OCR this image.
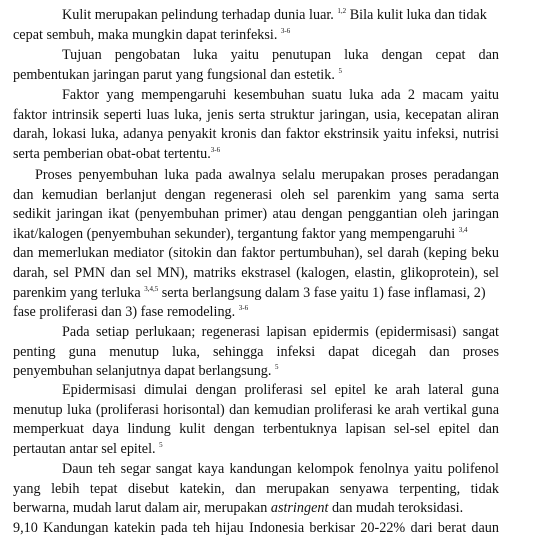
Kulit merupakan pelindung terhadap dunia luar. $^{1,2}$ Bila kulit luka dan tidak
cepat sembuh, maka mungkin dapat terinfeksi. $^{3-6}$
Tujuan pengobatan luka yaitu penutupan luka dengan cepat dan
pembentukan jaringan parut yang fungsional dan estetik. $^5$
Faktor yang mempengaruhi kesembuhan suatu luka ada 2 macam yaitu
faktor intrinsik seperti luas luka, jenis serta struktur jaringan, usia, kecepatan aliran
darah, lokasi luka, adanya penyakit kronis dan faktor ekstrinsik yaitu infeksi, nutrisi
serta pemberian obat-obat tertentu.$^{3-6}$
Proses penyembuhan luka pada awalnya selalu merupakan proses peradangan
dan kemudian berlanjut dengan regenerasi oleh sel parenkim yang sama serta
sedikit jaringan ikat (penyembuhan primer) atau dengan penggantian oleh jaringan
ikat/kalogen (penyembuhan sekunder), tergantung faktor yang mempengaruhi $^{3,4}$
dan memerlukan mediator (sitokin dan faktor pertumbuhan), sel darah (keping beku
darah, sel PMN dan sel MN), matriks ekstrasel (kalogen, elastin, glikoprotein), sel
parenkim yang terluka $^{3,4,5}$ serta berlangsung dalam 3 fase yaitu 1) fase inflamasi, 2)
fase proliferasi dan 3) fase remodeling. $^{3-6}$
Pada setiap perlukaan; regenerasi lapisan epidermis (epidermisasi) sangat
penting guna menutup luka, sehingga infeksi dapat dicegah dan proses
penyembuhan selanjutnya dapat berlangsung. $^5$
Epidermisasi dimulai dengan proliferasi sel epitel ke arah lateral guna
menutup luka (proliferasi horisontal) dan kemudian proliferasi ke arah vertikal guna
memperkuat daya lindung kulit dengan terbentuknya lapisan sel-sel epitel dan
pertautan antar sel epitel. $^5$
Daun teh segar sangat kaya kandungan kelompok fenolnya yaitu polifenol
yang lebih tepat disebut katekin, dan merupakan senyawa terpenting, tidak
berwarna, mudah larut dalam air, merupakan astringent dan mudah teroksidasi.
9,10 Kandungan katekin pada teh hijau Indonesia berkisar 20-22% dari berat daun
